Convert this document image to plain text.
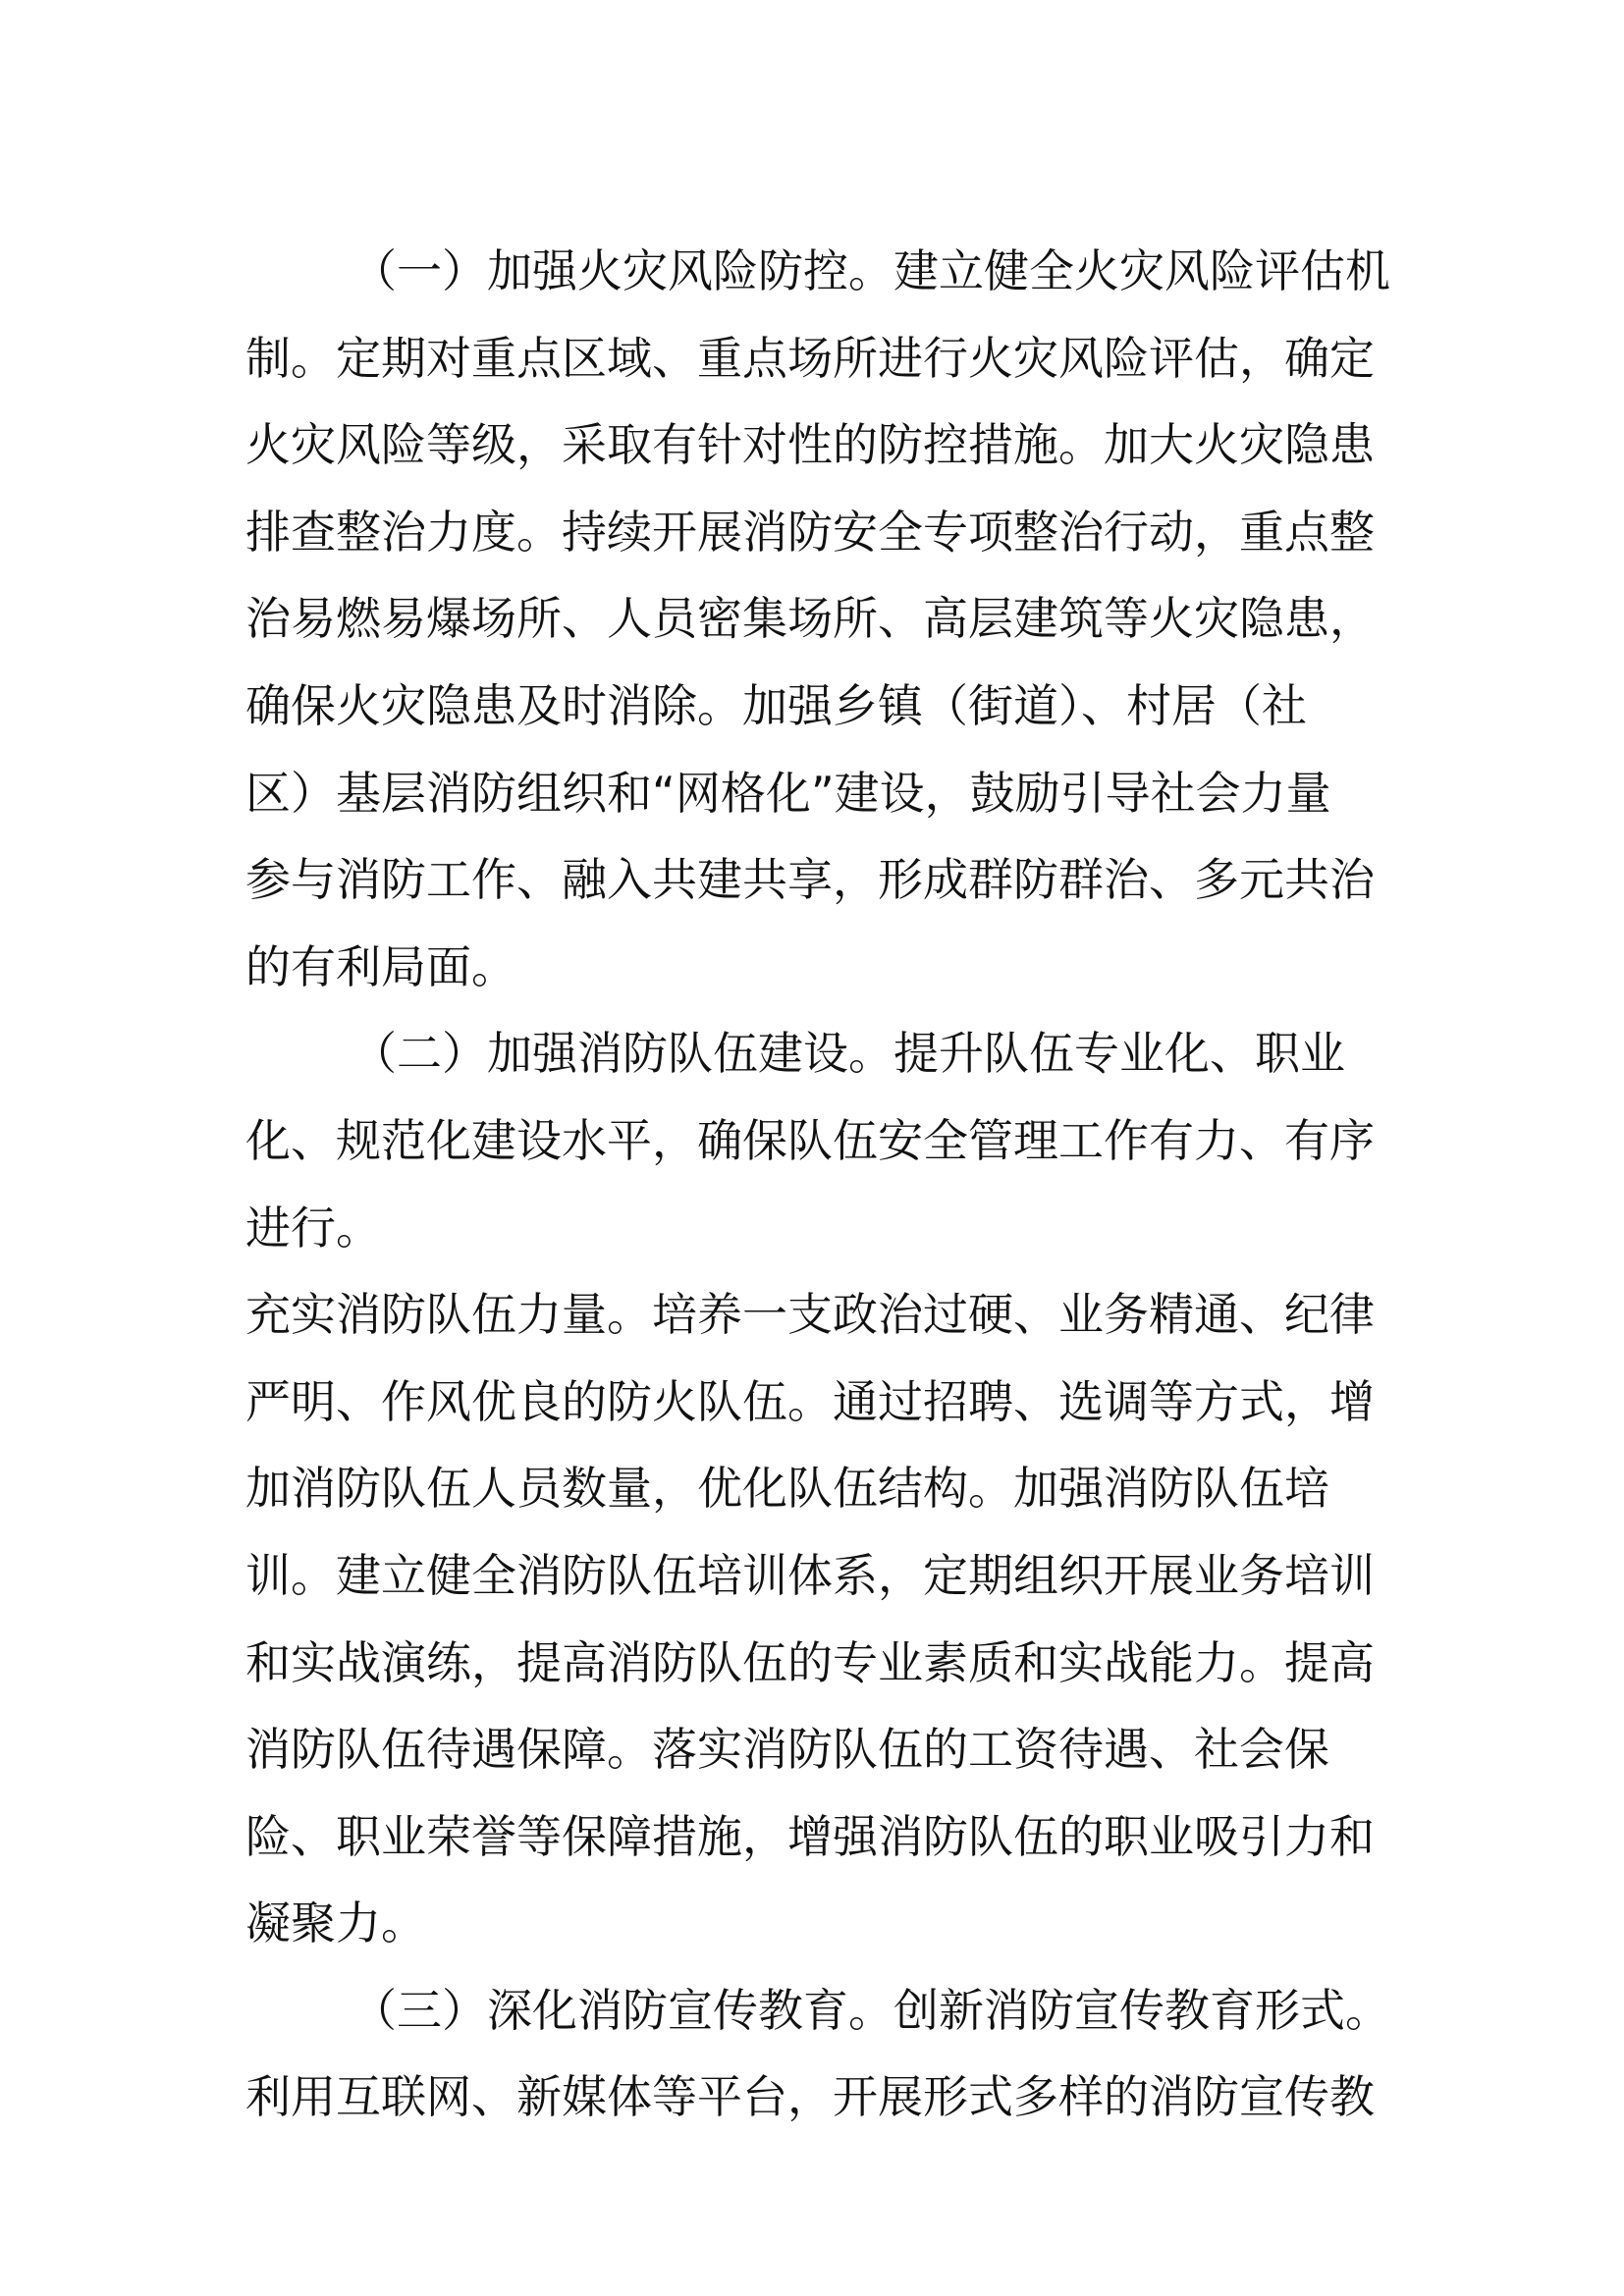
（一）加强火灾风险防控。建立健全火灾风险评估机
制。定期对重点区域、重点场所进行火灾风险评估，确定
火灾风险等级，采取有针对性的防控措施。加大火灾隐患
排查整治力度。持续开展消防安全专项整治行动，重点整
治易燃易爆场所、人员密集场所、高层建筑等火灾隐患，
确保火灾隐患及时消除。加强乡镇（街道）、村居（社
区）基层消防组织和“网格化”建设，鼓励引导社会力量
参与消防工作、融入共建共享，形成群防群治、多元共治
的有利局面。
（二）加强消防队伍建设。提升队伍专业化、职业
化、规范化建设水平，确保队伍安全管理工作有力、有序
进行。
充实消防队伍力量。培养一支政治过硬、业务精通、纪律
严明、作风优良的防火队伍。通过招聘、选调等方式，增
加消防队伍人员数量，优化队伍结构。加强消防队伍培
训。建立健全消防队伍培训体系，定期组织开展业务培训
和实战演练，提高消防队伍的专业素质和实战能力。提高
消防队伍待遇保障。落实消防队伍的工资待遇、社会保
险、职业荣誉等保障措施，增强消防队伍的职业吸引力和
凝聚力。
（三）深化消防宣传教育。创新消防宣传教育形式。
利用互联网、新媒体等平台，开展形式多样的消防宣传教
